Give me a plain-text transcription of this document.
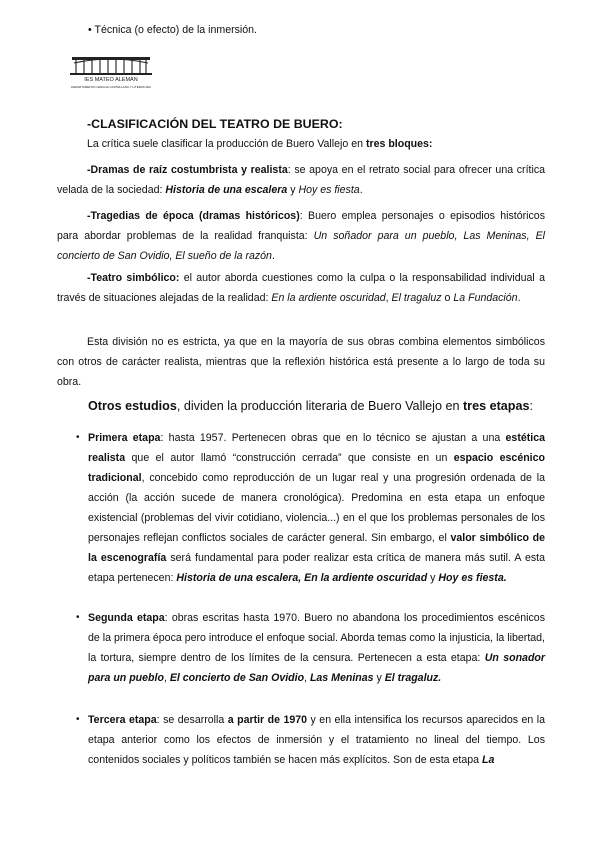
• Técnica (o efecto) de la inmersión.
IES MATEO ALEMÁN
DEPARTAMENTO LENGUA CASTELLANA Y LITERATURA
-CLASIFICACIÓN DEL TEATRO DE BUERO:
La crítica suele clasificar la producción de Buero Vallejo en tres bloques:
-Dramas de raíz costumbrista y realista: se apoya en el retrato social para ofrecer una crítica velada de la sociedad: Historia de una escalera y Hoy es fiesta.
-Tragedias de época (dramas históricos): Buero emplea personajes o episodios históricos para abordar problemas de la realidad franquista: Un soñador para un pueblo, Las Meninas, El concierto de San Ovidio, El sueño de la razón.
-Teatro simbólico: el autor aborda cuestiones como la culpa o la responsabilidad individual a través de situaciones alejadas de la realidad: En la ardiente oscuridad, El tragaluz o La Fundación.
Esta división no es estricta, ya que en la mayoría de sus obras combina elementos simbólicos con otros de carácter realista, mientras que la reflexión histórica está presente a lo largo de toda su obra.
Otros estudios, dividen la producción literaria de Buero Vallejo en tres etapas:
• Primera etapa: hasta 1957. Pertenecen obras que en lo técnico se ajustan a una estética realista que el autor llamó “construcción cerrada” que consiste en un espacio escénico tradicional, concebido como reproducción de un lugar real y una progresión ordenada de la acción (la acción sucede de manera cronológica). Predomina en esta etapa un enfoque existencial (problemas del vivir cotidiano, violencia...) en el que los problemas personales de los personajes reflejan conflictos sociales de carácter general. Sin embargo, el valor simbólico de la escenografía será fundamental para poder realizar esta crítica de manera más sutil. A esta etapa pertenecen: Historia de una escalera, En la ardiente oscuridad y Hoy es fiesta.
• Segunda etapa: obras escritas hasta 1970. Buero no abandona los procedimientos escénicos de la primera época pero introduce el enfoque social. Aborda temas como la injusticia, la libertad, la tortura, siempre dentro de los límites de la censura. Pertenecen a esta etapa: Un sonador para un pueblo, El concierto de San Ovidio, Las Meninas y El tragaluz.
• Tercera etapa: se desarrolla a partir de 1970 y en ella intensifica los recursos aparecidos en la etapa anterior como los efectos de inmersión y el tratamiento no lineal del tiempo. Los contenidos sociales y políticos también se hacen más explícitos. Son de esta etapa La
